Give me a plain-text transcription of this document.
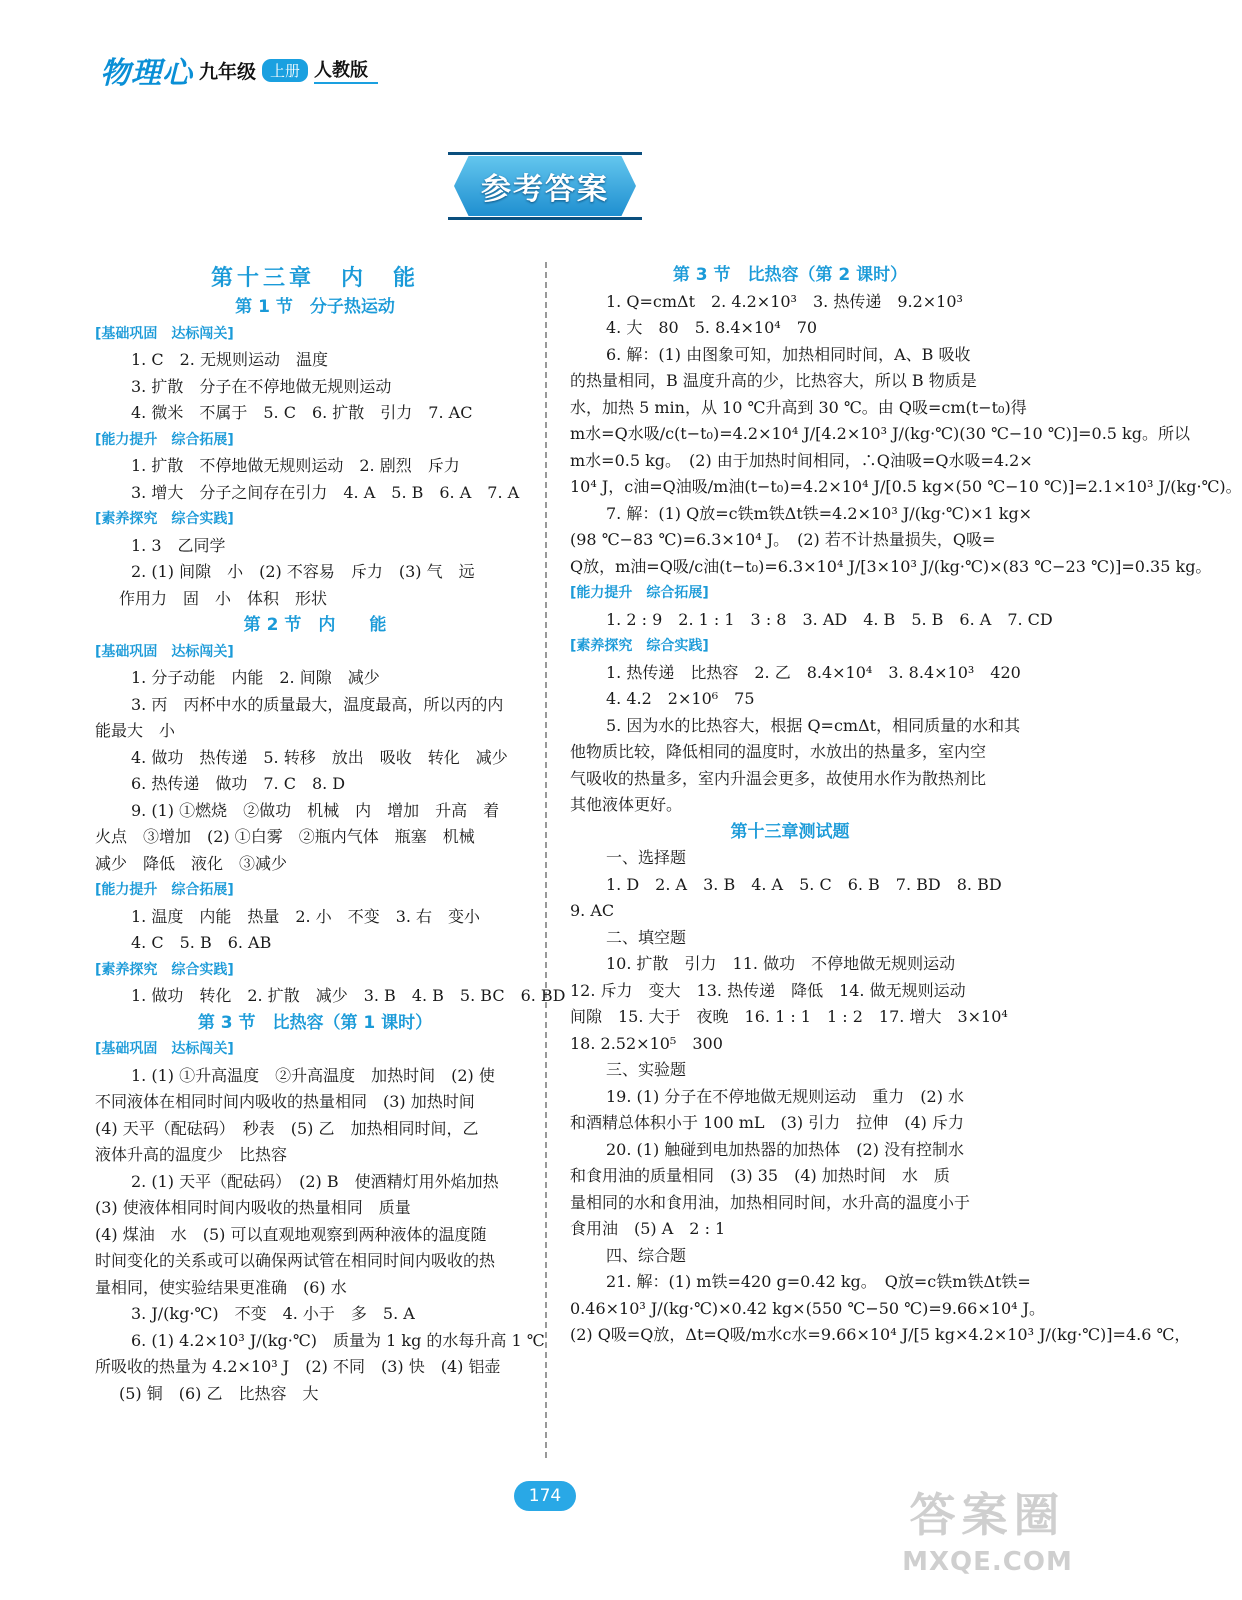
物理心 九年级 上册 人教版
参考答案
第十三章　内　能
第 1 节　分子热运动
[基础巩固　达标闯关]
1. C　2. 无规则运动　温度
3. 扩散　分子在不停地做无规则运动
4. 微米　不属于　5. C　6. 扩散　引力　7. AC
[能力提升　综合拓展]
1. 扩散　不停地做无规则运动　2. 剧烈　斥力
3. 增大　分子之间存在引力　4. A　5. B　6. A　7. A
[素养探究　综合实践]
1. 3　乙同学
2. (1) 间隙　小　(2) 不容易　斥力　(3) 气　远
作用力　固　小　体积　形状
第 2 节　内　　能
[基础巩固　达标闯关]
1. 分子动能　内能　2. 间隙　减少
3. 丙　丙杯中水的质量最大，温度最高，所以丙的内
能最大　小
4. 做功　热传递　5. 转移　放出　吸收　转化　减少
6. 热传递　做功　7. C　8. D
9. (1) ①燃烧　②做功　机械　内　增加　升高　着
火点　③增加　(2) ①白雾　②瓶内气体　瓶塞　机械
减少　降低　液化　③减少
[能力提升　综合拓展]
1. 温度　内能　热量　2. 小　不变　3. 右　变小
4. C　5. B　6. AB
[素养探究　综合实践]
1. 做功　转化　2. 扩散　减少　3. B　4. B　5. BC　6. BD
第 3 节　比热容（第 1 课时）
[基础巩固　达标闯关]
1. (1) ①升高温度　②升高温度　加热时间　(2) 使
不同液体在相同时间内吸收的热量相同　(3) 加热时间
(4) 天平（配砝码）　秒表　(5) 乙　加热相同时间，乙
液体升高的温度少　比热容
2. (1) 天平（配砝码）　(2) B　使酒精灯用外焰加热
(3) 使液体相同时间内吸收的热量相同　质量
(4) 煤油　水　(5) 可以直观地观察到两种液体的温度随
时间变化的关系或可以确保两试管在相同时间内吸收的热
量相同，使实验结果更准确　(6) 水
3. J/(kg·℃)　不变　4. 小于　多　5. A
6. (1) 4.2×10³ J/(kg·℃)　质量为 1 kg 的水每升高 1 ℃
所吸收的热量为 4.2×10³ J　(2) 不同　(3) 快　(4) 铝壶
(5) 铜　(6) 乙　比热容　大
第 3 节　比热容（第 2 课时）
1. Q=cmΔt　2. 4.2×10³　3. 热传递　9.2×10³
4. 大　80　5. 8.4×10⁴　70
6. 解：(1) 由图象可知，加热相同时间，A、B 吸收
的热量相同，B 温度升高的少，比热容大，所以 B 物质是
水，加热 5 min，从 10 ℃升高到 30 ℃。由 Q吸=cm(t−t₀)得
m水=Q水吸/c(t−t₀)=4.2×10⁴ J/[4.2×10³ J/(kg·℃)(30 ℃−10 ℃)]=0.5 kg。所以
m水=0.5 kg。　(2) 由于加热时间相同，∴Q油吸=Q水吸=4.2×
10⁴ J，c油=Q油吸/m油(t−t₀)=4.2×10⁴ J/[0.5 kg×(50 ℃−10 ℃)]=2.1×10³ J/(kg·℃)。
7. 解：(1) Q放=c铁m铁Δt铁=4.2×10³ J/(kg·℃)×1 kg×
(98 ℃−83 ℃)=6.3×10⁴ J。　(2) 若不计热量损失，Q吸=
Q放，m油=Q吸/c油(t−t₀)=6.3×10⁴ J/[3×10³ J/(kg·℃)×(83 ℃−23 ℃)]=0.35 kg。
[能力提升　综合拓展]
1. 2 : 9　2. 1 : 1　3 : 8　3. AD　4. B　5. B　6. A　7. CD
[素养探究　综合实践]
1. 热传递　比热容　2. 乙　8.4×10⁴　3. 8.4×10³　420
4. 4.2　2×10⁶　75
5. 因为水的比热容大，根据 Q=cmΔt，相同质量的水和其
他物质比较，降低相同的温度时，水放出的热量多，室内空
气吸收的热量多，室内升温会更多，故使用水作为散热剂比
其他液体更好。
第十三章测试题
一、选择题
1. D　2. A　3. B　4. A　5. C　6. B　7. BD　8. BD
9. AC
二、填空题
10. 扩散　引力　11. 做功　不停地做无规则运动
12. 斥力　变大　13. 热传递　降低　14. 做无规则运动
间隙　15. 大于　夜晚　16. 1 : 1　1 : 2　17. 增大　3×10⁴
18. 2.52×10⁵　300
三、实验题
19. (1) 分子在不停地做无规则运动　重力　(2) 水
和酒精总体积小于 100 mL　(3) 引力　拉伸　(4) 斥力
20. (1) 触碰到电加热器的加热体　(2) 没有控制水
和食用油的质量相同　(3) 35　(4) 加热时间　水　质
量相同的水和食用油，加热相同时间，水升高的温度小于
食用油　(5) A　2 : 1
四、综合题
21. 解：(1) m铁=420 g=0.42 kg。　Q放=c铁m铁Δt铁=
0.46×10³ J/(kg·℃)×0.42 kg×(550 ℃−50 ℃)=9.66×10⁴ J。
(2) Q吸=Q放，Δt=Q吸/m水c水=9.66×10⁴ J/[5 kg×4.2×10³ J/(kg·℃)]=4.6 ℃，
174	答案圈
MXQE.COM
